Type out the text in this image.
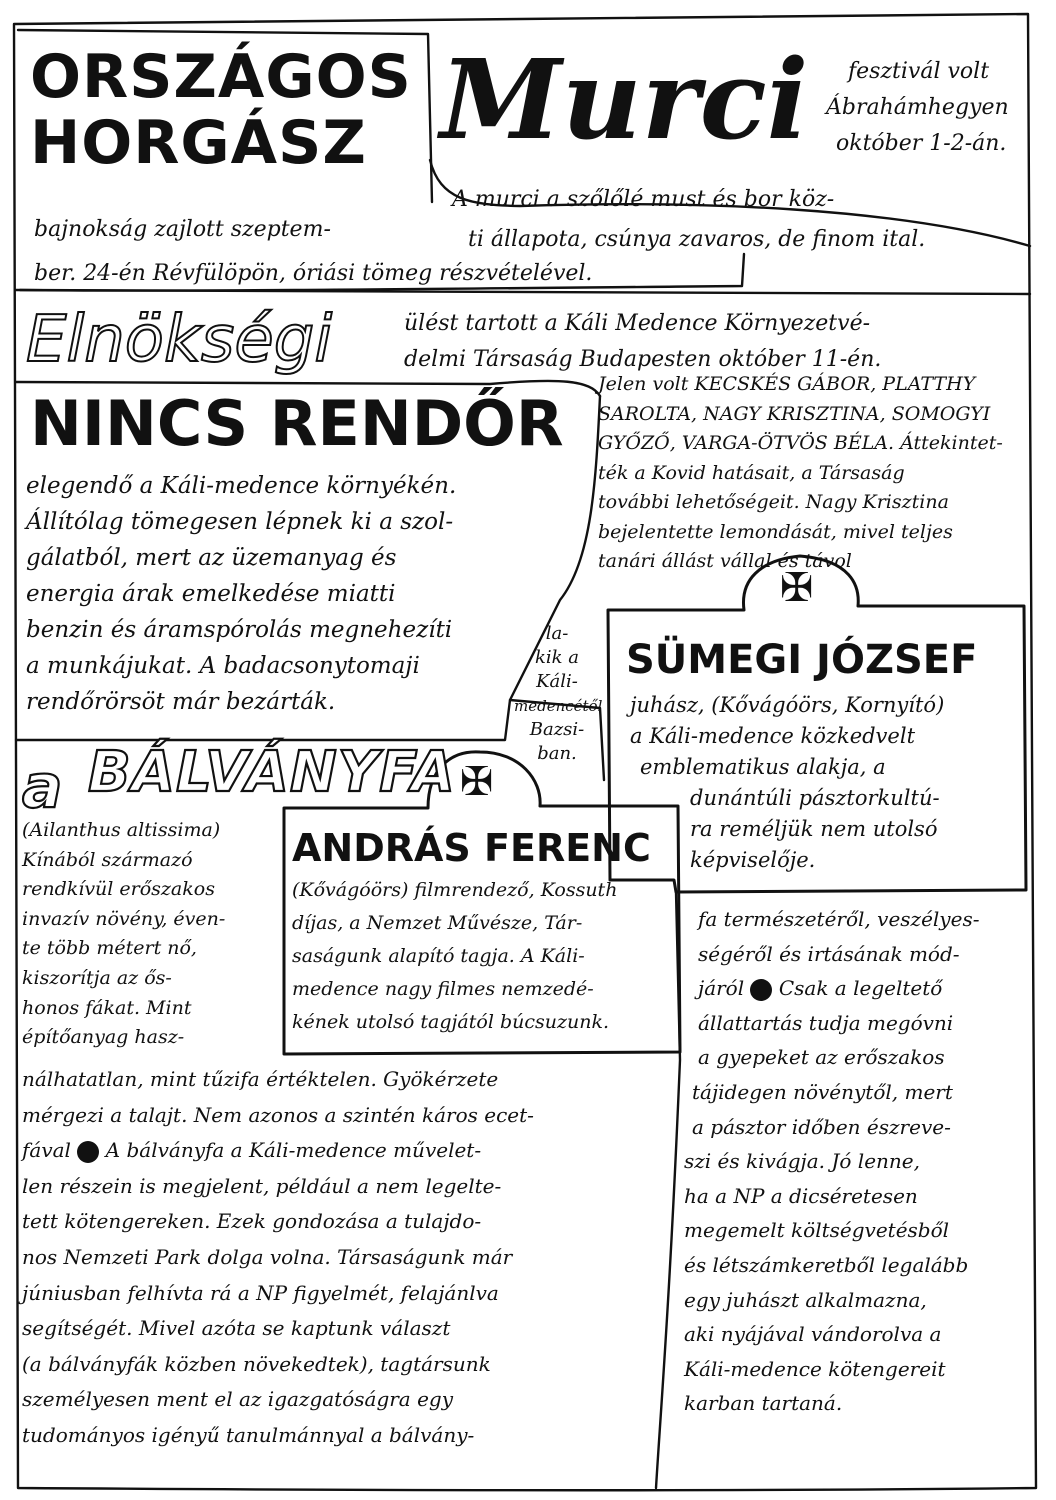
ORSZÁGOS
HORGÁSZ

bajnokság zajlott szeptem-

ber. 24-én Révfülöpön, óriási tömeg részvételével.

Murci	fesztivál volt

Ábrahámhegyen

október 1-2-án.

A murci a szőlőlé must és bor köz-

ti állapota, csúnya zavaros, de finom ital.

Elnökségi	ülést tartott a Káli Medence Környezetvé-

delmi Társaság Budapesten október 11-én.

Jelen volt KECSKÉS GÁBOR, PLATTHY

SAROLTA, NAGY KRISZTINA, SOMOGYI

GYŐZŐ, VARGA-ÖTVÖS BÉLA. Áttekintet-

ték a Kovid hatásait, a Társaság

további lehetőségeit. Nagy Krisztina

bejelentette lemondását, mivel teljes

tanári állást vállal és távol

la-

kik a

Káli-

medencétől

Bazsi-

ban.

NINCS RENDŐR

elegendő a Káli-medence környékén.

Állítólag tömegesen lépnek ki a szol-

gálatból, mert az üzemanyag és

energia árak emelkedése miatti

benzin és áramspórolás megnehezíti

a munkájukat. A badacsonytomaji

rendőrörsöt már bezárták.

✠
SÜMEGI JÓZSEF

juhász, (Kővágóörs, Kornyító)

a Káli-medence közkedvelt

emblematikus alakja, a

dunántúli pásztorkultú-

ra reméljük nem utolsó

képviselője.

a BÁLVÁNYFA

(Ailanthus altissima)

Kínából származó

rendkívül erőszakos

invazív növény, éven-

te több métert nő,

kiszorítja az ős-

honos fákat. Mint

építőanyag hasz-

✠
ANDRÁS FERENC

(Kővágóörs) filmrendező, Kossuth

díjas, a Nemzet Művésze, Tár-

saságunk alapító tagja. A Káli-

medence nagy filmes nemzedé-

kének utolsó tagjától búcsuzunk.

nálhatatlan, mint tűzifa értéktelen. Gyökérzete

mérgezi a talajt. Nem azonos a szintén káros ecet-

fával A bálványfa a Káli-medence művelet-

len részein is megjelent, például a nem legelte-

tett kötengereken. Ezek gondozása a tulajdo-

nos Nemzeti Park dolga volna. Társaságunk már

júniusban felhívta rá a NP figyelmét, felajánlva

segítségét. Mivel azóta se kaptunk választ

(a bálványfák közben növekedtek), tagtársunk

személyesen ment el az igazgatóságra egy

tudományos igényű tanulmánnyal a bálvány-

fa természetéről, veszélyes-

ségéről és irtásának mód-

járól Csak a legeltető

állattartás tudja megóvni

a gyepeket az erőszakos

tájidegen növénytől, mert

a pásztor időben észreve-

szi és kivágja. Jó lenne,

ha a NP a dicséretesen

megemelt költségvetésből

és létszámkeretből legalább

egy juhászt alkalmazna,

aki nyájával vándorolva a

Káli-medence kötengereit

karban tartaná.
